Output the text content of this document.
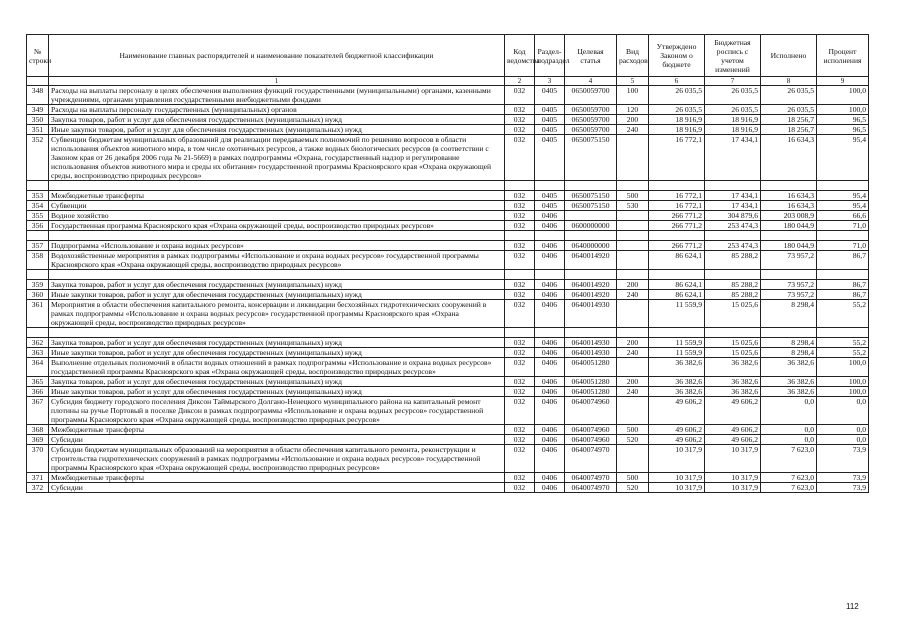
№ строки	Наименование главных распорядителей и наименование показателей бюджетной классификации	Код ведомства	Раздел-подраздел	Целевая статья	Вид расходов	Утверждено Законом о бюджете	Бюджетная роспись с учетом изменений	Исполнено	Процент исполнения
	1	2	3	4	5	6	7	8	9
348	Расходы на выплаты персоналу в целях обеспечения выполнения функций государственными (муниципальными) органами, казенными учреждениями, органами управления государственными внебюджетными фондами	032	0405	0650059700	100	26 035,5	26 035,5	26 035,5	100,0
349	Расходы на выплаты персоналу государственных (муниципальных) органов	032	0405	0650059700	120	26 035,5	26 035,5	26 035,5	100,0
350	Закупка товаров, работ и услуг для обеспечения государственных (муниципальных) нужд	032	0405	0650059700	200	18 916,9	18 916,9	18 256,7	96,5
351	Иные закупки товаров, работ и услуг для обеспечения государственных (муниципальных) нужд	032	0405	0650059700	240	18 916,9	18 916,9	18 256,7	96,5
352	Субвенции бюджетам муниципальных образований для реализации передаваемых полномочий по решению вопросов в области использования объектов животного мира, в том числе охотничьих ресурсов, а также водных биологических ресурсов (в соответствии с Законом края от 26 декабря 2006 года № 21-5669) в рамках подпрограммы «Охрана, государственный надзор и регулирование использования объектов животного мира и среды их обитания» государственной программы Красноярского края «Охрана окружающей среды, воспроизводство природных ресурсов»	032	0405	0650075150		16 772,1	17 434,1	16 634,3	95,4

353	Межбюджетные трансферты	032	0405	0650075150	500	16 772,1	17 434,1	16 634,3	95,4
354	Субвенции	032	0405	0650075150	530	16 772,1	17 434,1	16 634,3	95,4
355	Водное хозяйство	032	0406			266 771,2	304 879,6	203 008,9	66,6
356	Государственная программа Красноярского края «Охрана окружающей среды, воспроизводство природных ресурсов»	032	0406	0600000000		266 771,2	253 474,3	180 044,9	71,0

357	Подпрограмма «Использование и охрана водных ресурсов»	032	0406	0640000000		266 771,2	253 474,3	180 044,9	71,0
358	Водохозяйственные мероприятия в рамках подпрограммы «Использование и охрана водных ресурсов» государственной программы Красноярского края «Охрана окружающей среды, воспроизводство природных ресурсов»	032	0406	0640014920		86 624,1	85 288,2	73 957,2	86,7

359	Закупка товаров, работ и услуг для обеспечения государственных (муниципальных) нужд	032	0406	0640014920	200	86 624,1	85 288,2	73 957,2	86,7
360	Иные закупки товаров, работ и услуг для обеспечения государственных (муниципальных) нужд	032	0406	0640014920	240	86 624,1	85 288,2	73 957,2	86,7
361	Мероприятия в области обеспечения капитального ремонта, консервации и ликвидации бесхозяйных гидротехнических сооружений в рамках подпрограммы «Использование и охрана водных ресурсов» государственной программы Красноярского края «Охрана окружающей среды, воспроизводство природных ресурсов»	032	0406	0640014930		11 559,9	15 025,6	8 298,4	55,2

362	Закупка товаров, работ и услуг для обеспечения государственных (муниципальных) нужд	032	0406	0640014930	200	11 559,9	15 025,6	8 298,4	55,2
363	Иные закупки товаров, работ и услуг для обеспечения государственных (муниципальных) нужд	032	0406	0640014930	240	11 559,9	15 025,6	8 298,4	55,2
364	Выполнение отдельных полномочий в области водных отношений в рамках подпрограммы «Использование и охрана водных ресурсов» государственной программы Красноярского края «Охрана окружающей среды, воспроизводство природных ресурсов»	032	0406	0640051280		36 382,6	36 382,6	36 382,6	100,0
365	Закупка товаров, работ и услуг для обеспечения государственных (муниципальных) нужд	032	0406	0640051280	200	36 382,6	36 382,6	36 382,6	100,0
366	Иные закупки товаров, работ и услуг для обеспечения государственных (муниципальных) нужд	032	0406	0640051280	240	36 382,6	36 382,6	36 382,6	100,0
367	Субсидия бюджету городского поселения Диксон Таймырского Долгано-Ненецкого муниципального района на капитальный ремонт плотины на ручье Портовый в поселке Диксон в рамках подпрограммы «Использование и охрана водных ресурсов» государственной программы Красноярского края «Охрана окружающей среды, воспроизводство природных ресурсов»	032	0406	0640074960		49 606,2	49 606,2	0,0	0,0
368	Межбюджетные трансферты	032	0406	0640074960	500	49 606,2	49 606,2	0,0	0,0
369	Субсидии	032	0406	0640074960	520	49 606,2	49 606,2	0,0	0,0
370	Субсидии бюджетам муниципальных образований на мероприятия в области обеспечения капитального ремонта, реконструкции и строительства гидротехнических сооружений в рамках подпрограммы «Использование и охрана водных ресурсов» государственной программы Красноярского края «Охрана окружающей среды, воспроизводство природных ресурсов»	032	0406	0640074970		10 317,9	10 317,9	7 623,0	73,9
371	Межбюджетные трансферты	032	0406	0640074970	500	10 317,9	10 317,9	7 623,0	73,9
372	Субсидии	032	0406	0640074970	520	10 317,9	10 317,9	7 623,0	73,9
112
